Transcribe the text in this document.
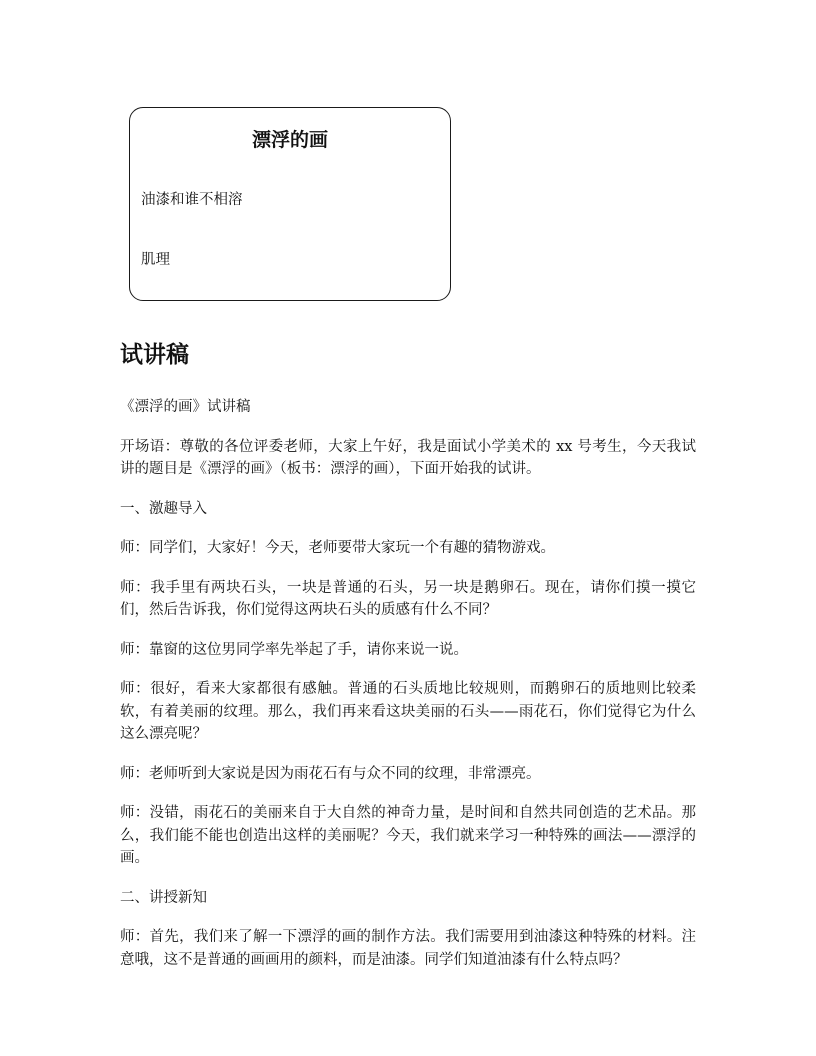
漂浮的画
油漆和谁不相溶
肌理
试讲稿

《漂浮的画》试讲稿

开场语：尊敬的各位评委老师，大家上午好，我是面试小学美术的 xx 号考生，今天我试讲的题目是《漂浮的画》（板书：漂浮的画），下面开始我的试讲。

一、激趣导入

师：同学们，大家好！今天，老师要带大家玩一个有趣的猜物游戏。

师：我手里有两块石头，一块是普通的石头，另一块是鹅卵石。现在，请你们摸一摸它们，然后告诉我，你们觉得这两块石头的质感有什么不同？

师：靠窗的这位男同学率先举起了手，请你来说一说。

师：很好，看来大家都很有感触。普通的石头质地比较规则，而鹅卵石的质地则比较柔软，有着美丽的纹理。那么，我们再来看这块美丽的石头——雨花石，你们觉得它为什么这么漂亮呢？

师：老师听到大家说是因为雨花石有与众不同的纹理，非常漂亮。

师：没错，雨花石的美丽来自于大自然的神奇力量，是时间和自然共同创造的艺术品。那么，我们能不能也创造出这样的美丽呢？今天，我们就来学习一种特殊的画法——漂浮的画。

二、讲授新知

师：首先，我们来了解一下漂浮的画的制作方法。我们需要用到油漆这种特殊的材料。注意哦，这不是普通的画画用的颜料，而是油漆。同学们知道油漆有什么特点吗？
